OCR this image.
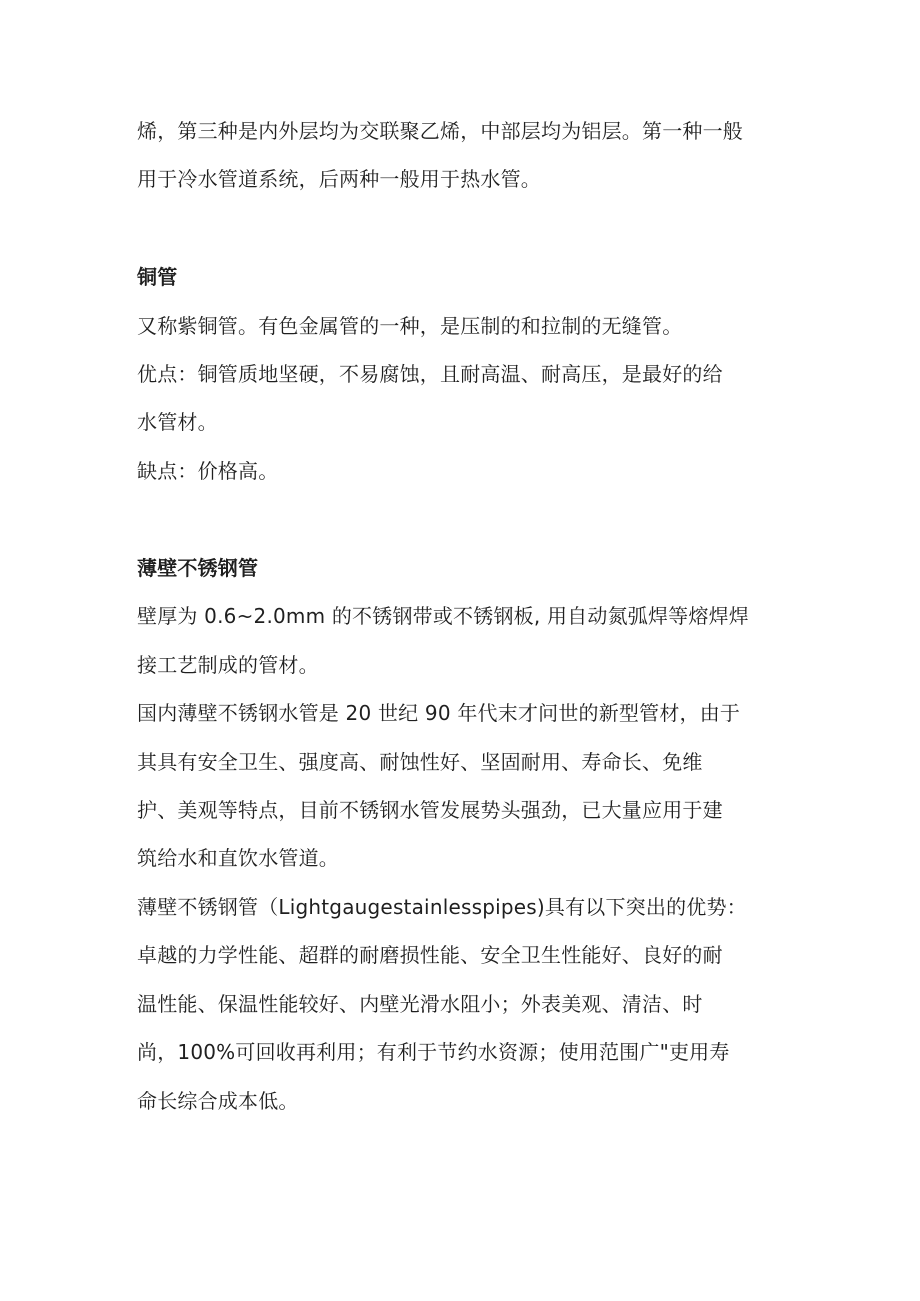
烯，第三种是内外层均为交联聚乙烯，中部层均为铝层。第一种一般
用于冷水管道系统，后两种一般用于热水管。
铜管
又称紫铜管。有色金属管的一种，是压制的和拉制的无缝管。
优点：铜管质地坚硬，不易腐蚀，且耐高温、耐高压，是最好的给
水管材。
缺点：价格高。
薄壁不锈钢管
壁厚为 0.6~2.0mm 的不锈钢带或不锈钢板, 用自动氮弧焊等熔焊焊
接工艺制成的管材。
国内薄壁不锈钢水管是 20 世纪 90 年代末才问世的新型管材，由于
其具有安全卫生、强度高、耐蚀性好、坚固耐用、寿命长、免维
护、美观等特点，目前不锈钢水管发展势头强劲，已大量应用于建
筑给水和直饮水管道。
薄壁不锈钢管（Lightgaugestainlesspipes)具有以下突出的优势：
卓越的力学性能、超群的耐磨损性能、安全卫生性能好、良好的耐
温性能、保温性能较好、内壁光滑水阻小；外表美观、清洁、时
尚，100%可回收再利用；有利于节约水资源；使用范围广"吏用寿
命长综合成本低。
